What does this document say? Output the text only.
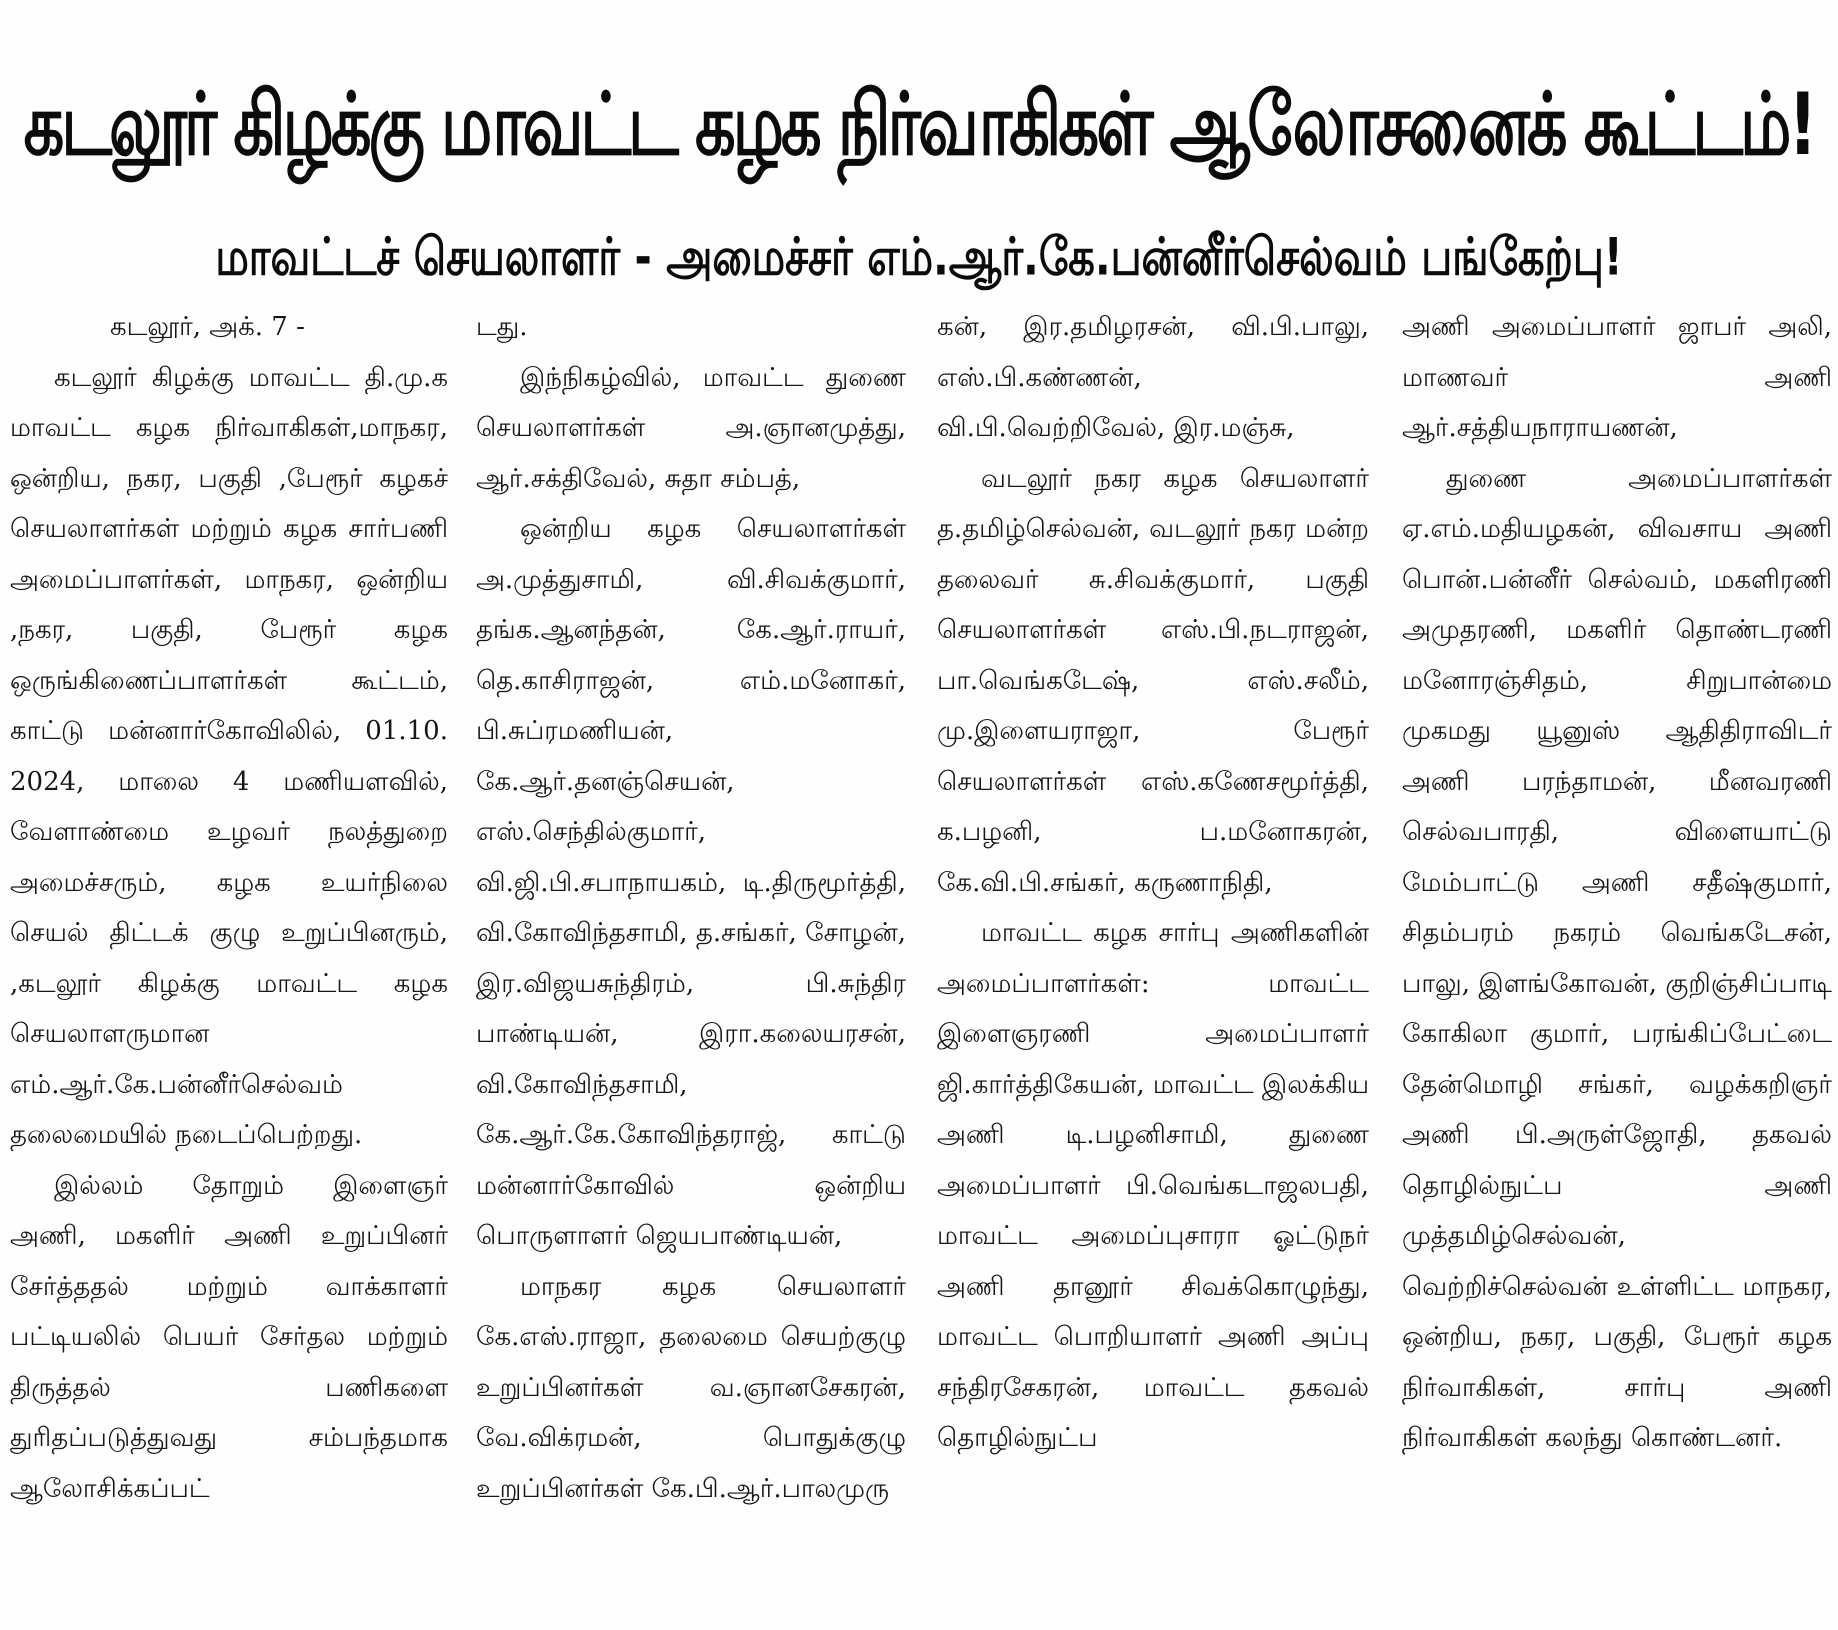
கடலூர் கிழக்கு மாவட்ட கழக நிர்வாகிகள் ஆலோசனைக் கூட்டம்!
மாவட்டச் செயலாளர் - அமைச்சர் எம்.ஆர்.கே.பன்னீர்செல்வம் பங்கேற்பு!

கடலூர், அக். 7 -

கடலூர் கிழக்கு மாவட்ட தி.மு.க மாவட்ட கழக நிர்வாகிகள்,மாநகர, ஒன்றிய, நகர, பகுதி ,பேரூர் கழகச் செயலாளர்கள் மற்றும் கழக சார்பணி அமைப்பாளர்கள், மாநகர, ஒன்றிய ,நகர, பகுதி, பேரூர் கழக ஒருங்கிணைப்பாளர்கள் கூட்டம், காட்டு மன்னார்கோவிலில், 01.10. 2024, மாலை 4 மணியளவில், வேளாண்மை உழவர் நலத்துறை அமைச்சரும், கழக உயர்நிலை செயல் திட்டக் குழு உறுப்பினரும், ,கடலூர் கிழக்கு மாவட்ட கழக செயலாளருமான எம்.ஆர்.கே.பன்னீர்செல்வம் தலைமையில் நடைப்பெற்றது.

இல்லம் தோறும் இளைஞர் அணி, மகளிர் அணி உறுப்பினர் சேர்த்ததல் மற்றும் வாக்காளர் பட்டியலில் பெயர் சேர்தல மற்றும் திருத்தல் பணிகளை துரிதப்படுத்துவது சம்பந்தமாக ஆலோசிக்கப்பட்

டது.

இந்நிகழ்வில், மாவட்ட துணை செயலாளர்கள் அ.ஞானமுத்து, ஆர்.சக்திவேல், சுதா சம்பத்,

ஒன்றிய கழக செயலாளர்கள் அ.முத்துசாமி, வி.சிவக்குமார், தங்க.ஆனந்தன், கே.ஆர்.ராயர், தெ.காசிராஜன், எம்.மனோகர், பி.சுப்ரமணியன், கே.ஆர்.தனஞ்செயன், எஸ்.செந்தில்குமார், வி.ஜி.பி.சபாநாயகம், டி.திருமூர்த்தி, வி.கோவிந்தசாமி, த.சங்கர், சோழன், இர.விஜயசுந்திரம், பி.சுந்திர பாண்டியன், இரா.கலையரசன், வி.கோவிந்தசாமி, கே.ஆர்.கே.கோவிந்தராஜ், காட்டு மன்னார்கோவில் ஒன்றிய பொருளாளர் ஜெயபாண்டியன்,

மாநகர கழக செயலாளர் கே.எஸ்.ராஜா, தலைமை செயற்குழு உறுப்பினர்கள் வ.ஞானசேகரன், வே.விக்ரமன், பொதுக்குழு உறுப்பினர்கள் கே.பி.ஆர்.பாலமுரு

கன், இர.தமிழரசன், வி.பி.பாலு, எஸ்.பி.கண்ணன், வி.பி.வெற்றிவேல், இர.மஞ்சு,

வடலூர் நகர கழக செயலாளர் த.தமிழ்செல்வன், வடலூர் நகர மன்ற தலைவர் சு.சிவக்குமார், பகுதி செயலாளர்கள் எஸ்.பி.நடராஜன், பா.வெங்கடேஷ், எஸ்.சலீம், மு.இளையராஜா, பேரூர் செயலாளர்கள் எஸ்.கணேசமூர்த்தி, க.பழனி, ப.மனோகரன், கே.வி.பி.சங்கர், கருணாநிதி,

மாவட்ட கழக சார்பு அணிகளின் அமைப்பாளர்கள்: மாவட்ட இளைஞரணி அமைப்பாளர் ஜி.கார்த்திகேயன், மாவட்ட இலக்கிய அணி டி.பழனிசாமி, துணை அமைப்பாளர் பி.வெங்கடாஜலபதி, மாவட்ட அமைப்புசாரா ஓட்டுநர் அணி தானூர் சிவக்கொழுந்து, மாவட்ட பொறியாளர் அணி அப்பு சந்திரசேகரன், மாவட்ட தகவல் தொழில்நுட்ப

அணி அமைப்பாளர் ஜாபர் அலி, மாணவர் அணி ஆர்.சத்தியநாராயணன்,

துணை அமைப்பாளர்கள் ஏ.எம்.மதியழகன், விவசாய அணி பொன்.பன்னீர் செல்வம், மகளிரணி அமுதரணி, மகளிர் தொண்டரணி மனோரஞ்சிதம், சிறுபான்மை முகமது யூனுஸ் ஆதிதிராவிடர் அணி பரந்தாமன், மீனவரணி செல்வபாரதி, விளையாட்டு மேம்பாட்டு அணி சதீஷ்குமார், சிதம்பரம் நகரம் வெங்கடேசன், பாலு, இளங்கோவன், குறிஞ்சிப்பாடி கோகிலா குமார், பரங்கிப்பேட்டை தேன்மொழி சங்கர், வழக்கறிஞர் அணி பி.அருள்ஜோதி, தகவல் தொழில்நுட்ப அணி முத்தமிழ்செல்வன், வெற்றிச்செல்வன் உள்ளிட்ட மாநகர, ஒன்றிய, நகர, பகுதி, பேரூர் கழக நிர்வாகிகள், சார்பு அணி நிர்வாகிகள் கலந்து கொண்டனர்.
